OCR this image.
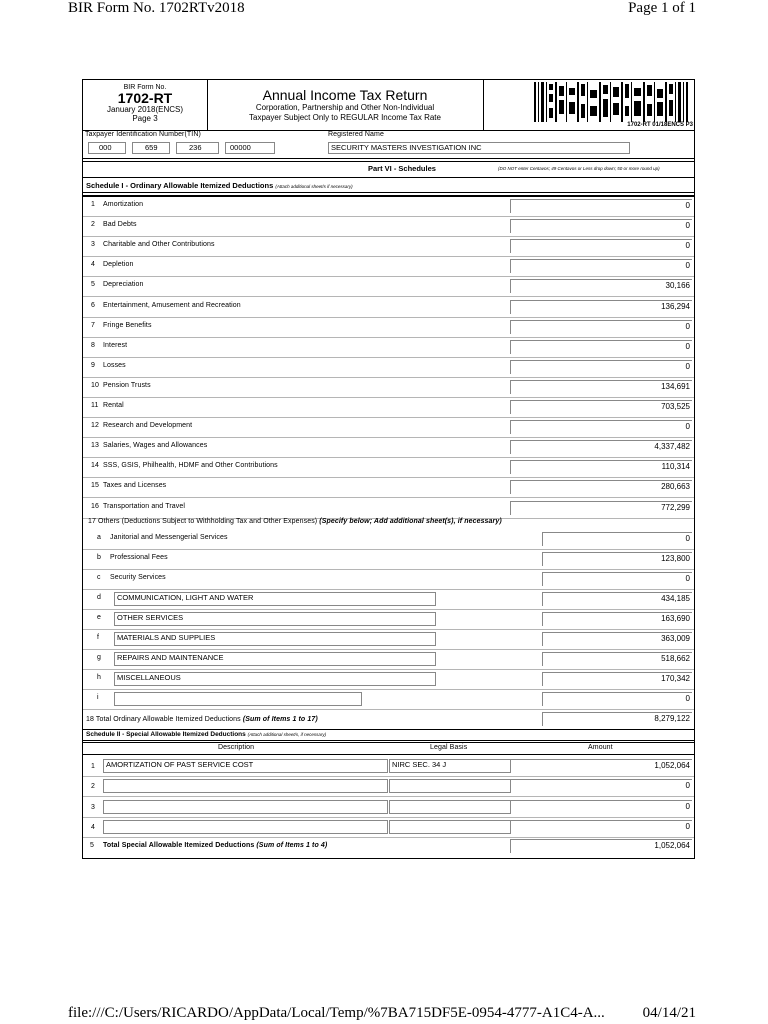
BIR Form No. 1702RTv2018	Page 1 of 1
file:///C:/Users/RICARDO/AppData/Local/Temp/%7BA715DF5E-0954-4777-A1C4-A...	04/14/21
BIR Form No.
1702-RT
January 2018(ENCS)
Page 3
Annual Income Tax Return
Corporation, Partnership and Other Non-Individual
Taxpayer Subject Only to REGULAR Income Tax Rate
1702-RT 01/18ENCS P3
Taxpayer Identification Number(TIN)	Registered Name
000	659	236	00000	SECURITY MASTERS INVESTIGATION INC
Part VI - Schedules	(DO NOT enter Centavos; 49 Centavos or Less drop down; 50 or more round up)
Schedule I - Ordinary Allowable Itemized Deductions (Attach additional sheet/s if necessary)
1 Amortization	0
2 Bad Debts	0
3 Charitable and Other Contributions	0
4 Depletion	0
5 Depreciation	30,166
6 Entertainment, Amusement and Recreation	136,294
7 Fringe Benefits	0
8 Interest	0
9 Losses	0
10 Pension Trusts	134,691
11 Rental	703,525
12 Research and Development	0
13 Salaries, Wages and Allowances	4,337,482
14 SSS, GSIS, Philhealth, HDMF and Other Contributions	110,314
15 Taxes and Licenses	280,663
16 Transportation and Travel	772,299
17 Others (Deductions Subject to Withholding Tax and Other Expenses) (Specify below; Add additional sheet(s), if necessary)
a Janitorial and Messengerial Services	0
b Professional Fees	123,800
c Security Services	0
d	COMMUNICATION, LIGHT AND WATER	434,185
e	OTHER SERVICES	163,690
f	MATERIALS AND SUPPLIES	363,009
g	REPAIRS AND MAINTENANCE	518,662
h	MISCELLANEOUS	170,342
i	0
18 Total Ordinary Allowable Itemized Deductions (Sum of Items 1 to 17)	8,279,122
Schedule II - Special Allowable Itemized Deductions (Attach additional sheet/s, if necessary)
Description	Legal Basis	Amount
1	AMORTIZATION OF PAST SERVICE COST	NIRC SEC. 34 J	1,052,064
2	0
3	0
4	0
5 Total Special Allowable Itemized Deductions (Sum of Items 1 to 4)	1,052,064
